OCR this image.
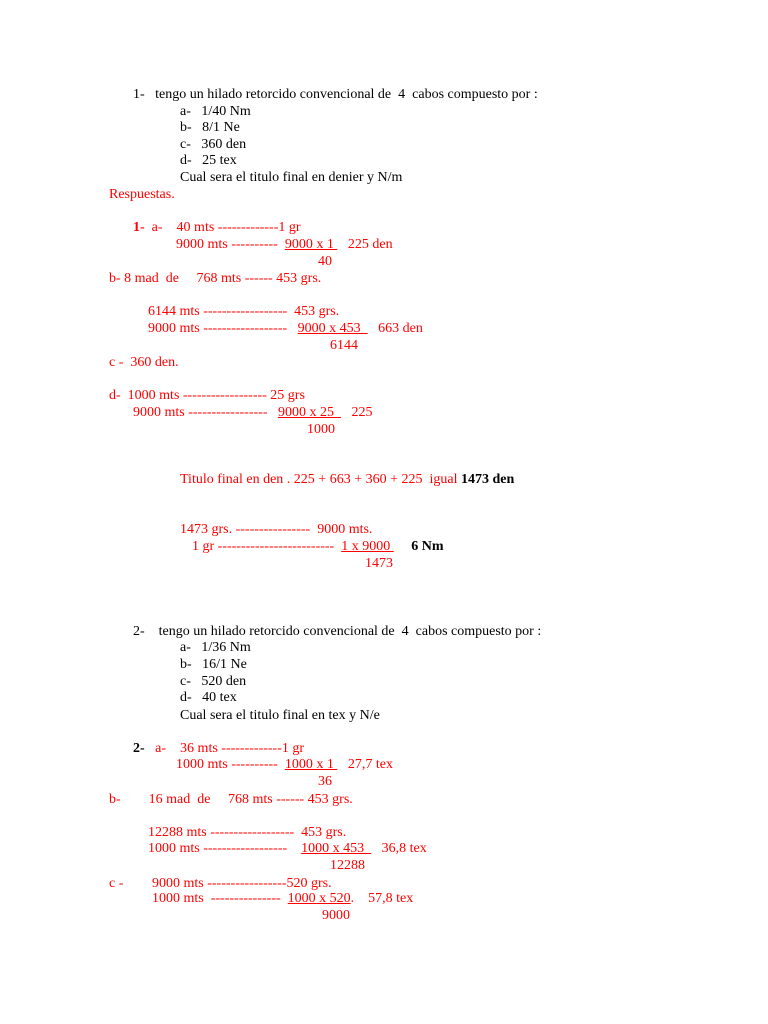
1-   tengo un hilado retorcido convencional de  4  cabos compuesto por :
a-   1/40 Nm
b-   8/1 Ne
c-   360 den
d-   25 tex
Cual sera el titulo final en denier y N/m
Respuestas.
1- a-    40 mts -------------1 gr
9000 mts ----------  9000 x 1    225 den
40
b- 8 mad  de     768 mts ------ 453 grs.
6144 mts ------------------  453 grs.
9000 mts ------------------   9000 x 453     663 den
6144
c -  360 den.
d-  1000 mts ------------------ 25 grs
9000 mts -----------------   9000 x 25     225
1000
Titulo final en den . 225 + 663 + 360 + 225  igual 1473 den
1473 grs. ----------------  9000 mts.
1 gr -------------------------  1 x 9000      6 Nm
1473
2-    tengo un hilado retorcido convencional de  4  cabos compuesto por :
a-   1/36 Nm
b-   16/1 Ne
c-   520 den
d-   40 tex
Cual sera el titulo final en tex y N/e
2- a-    36 mts -------------1 gr
1000 mts ----------  1000 x 1    27,7 tex
36
b-        16 mad  de     768 mts ------ 453 grs.
12288 mts ------------------  453 grs.
1000 mts ------------------    1000 x 453     36,8 tex
12288
c - 9000 mts -----------------520 grs.
1000 mts  ---------------  1000 x 520. 57,8 tex
9000
